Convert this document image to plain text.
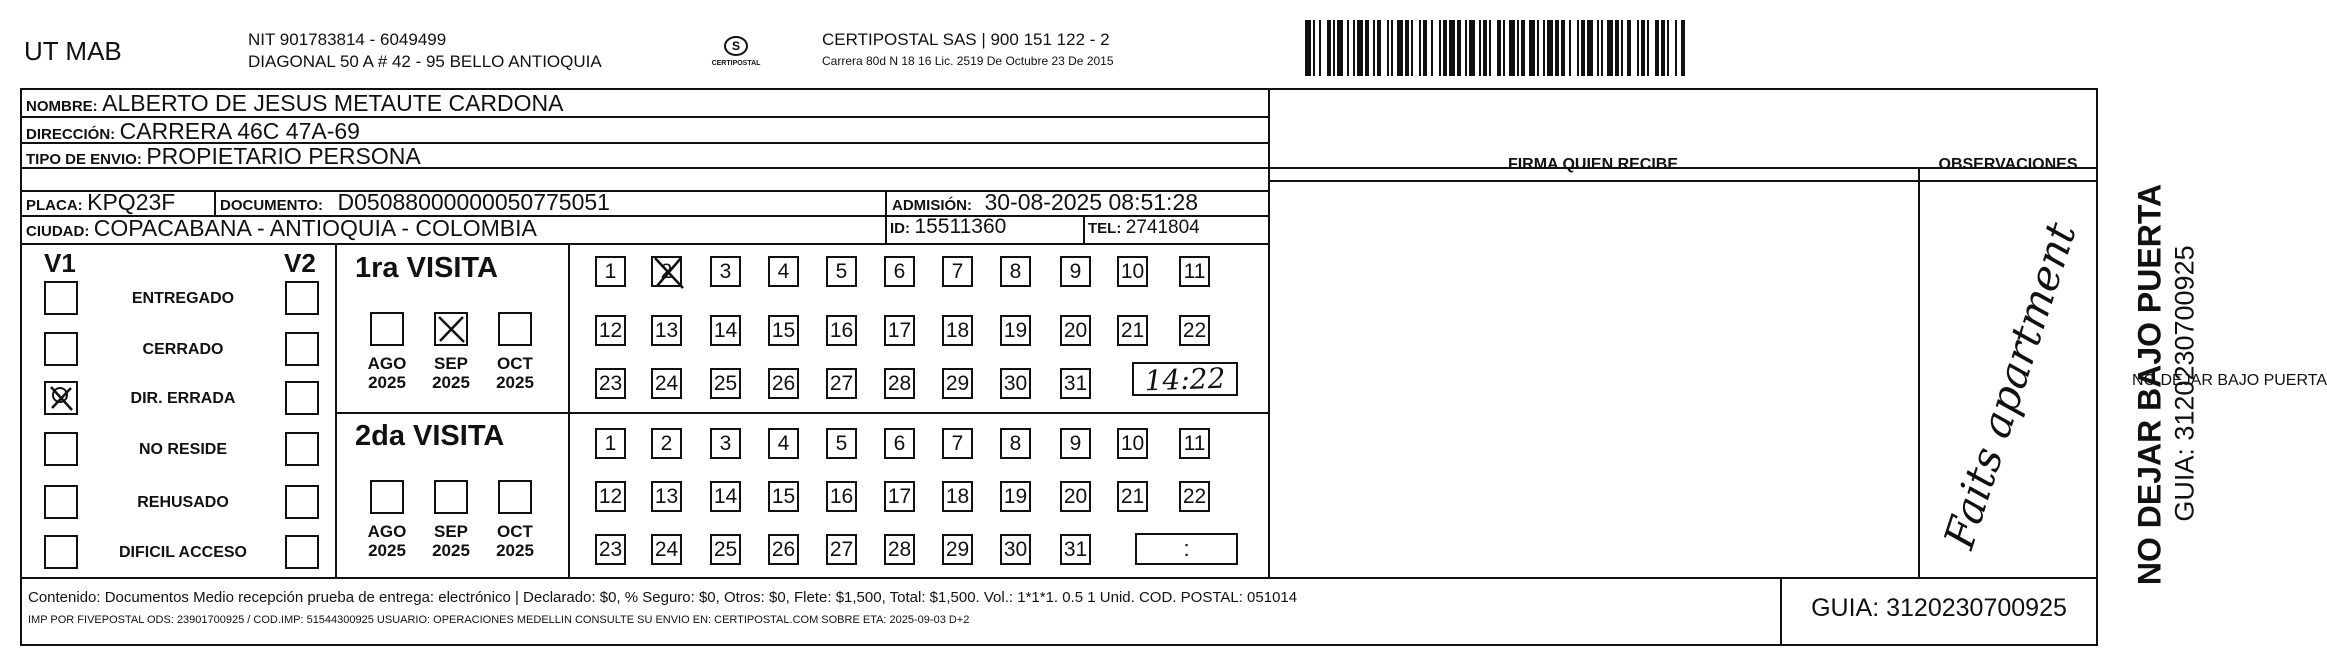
UT MAB	NIT 901783814 - 6049499
DIAGONAL 50 A # 42 - 95 BELLO ANTIOQUIA
S
CERTIPOSTAL
CERTIPOSTAL SAS | 900 151 122 - 2
Carrera 80d N 18 16 Lic. 2519 De Octubre 23 De 2015
NOMBRE: ALBERTO DE JESUS METAUTE CARDONA
DIRECCIÓN: CARRERA 46C 47A-69
TIPO DE ENVIO: PROPIETARIO PERSONA	FIRMA QUIEN RECIBE	OBSERVACIONES
PLACA: KPQ23F	DOCUMENTO: D05088000000050775051	ADMISIÓN: 30-08-2025 08:51:28
CIUDAD: COPACABANA - ANTIOQUIA - COLOMBIA	ID: 15511360	TEL: 2741804
V1	V2
ENTREGADO
CERRADO
DIR. ERRADA
NO RESIDE
REHUSADO
DIFICIL ACCESO
1ra VISITA
2da VISITA
AGO
2025
SEP
2025
OCT
2025
AGO
2025
SEP
2025
OCT
2025
1 2 3 4 5 6 7 8 9 10 11
12 13 14 15 16 17 18 19 20 21 22
23 24 25 26 27 28 29 30 31
1 2 3 4 5 6 7 8 9 10 11
12 13 14 15 16 17 18 19 20 21 22
23 24 25 26 27 28 29 30 31
14:22
:	Faits apartment
Contenido: Documentos Medio recepción prueba de entrega: electrónico | Declarado: $0, % Seguro: $0, Otros: $0, Flete: $1,500, Total: $1,500. Vol.: 1*1*1. 0.5 1 Unid. COD. POSTAL: 051014
IMP POR FIVEPOSTAL ODS: 23901700925 / COD.IMP: 51544300925 USUARIO: OPERACIONES MEDELLIN CONSULTE SU ENVIO EN: CERTIPOSTAL.COM SOBRE ETA: 2025-09-03 D+2	GUIA: 3120230700925
NO DEJAR BAJO PUERTA
NO DEJAR BAJO PUERTA GUIA: 3120230700925
